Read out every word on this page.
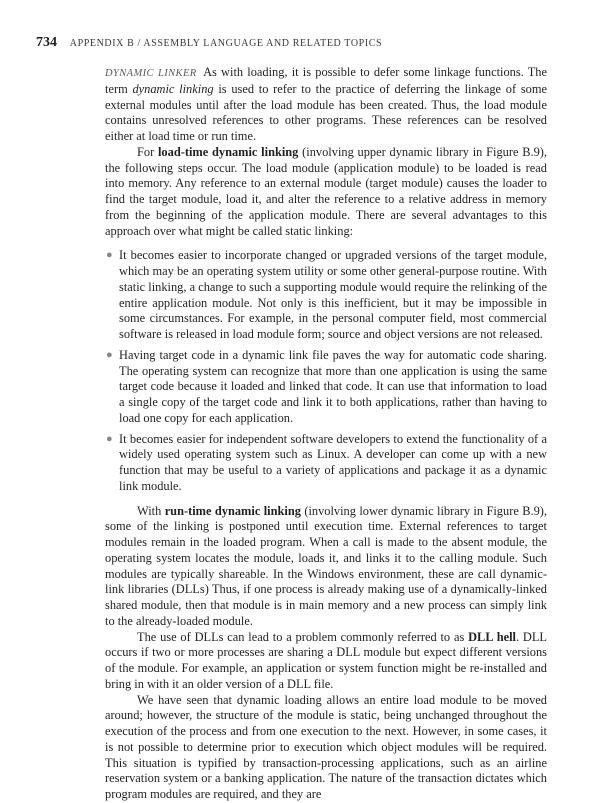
734 APPENDIX B / ASSEMBLY LANGUAGE AND RELATED TOPICS

DYNAMIC LINKER As with loading, it is possible to defer some linkage functions. The term dynamic linking is used to refer to the practice of deferring the linkage of some external modules until after the load module has been created. Thus, the load module contains unresolved references to other programs. These references can be resolved either at load time or run time.

For load-time dynamic linking (involving upper dynamic library in Figure B.9), the following steps occur. The load module (application module) to be loaded is read into memory. Any reference to an external module (target module) causes the loader to find the target module, load it, and alter the reference to a relative address in memory from the beginning of the application module. There are several advantages to this approach over what might be called static linking:

● It becomes easier to incorporate changed or upgraded versions of the target module, which may be an operating system utility or some other general-purpose routine. With static linking, a change to such a supporting module would require the relinking of the entire application module. Not only is this inefficient, but it may be impossible in some circumstances. For example, in the personal computer field, most commercial software is released in load module form; source and object versions are not released.
● Having target code in a dynamic link file paves the way for automatic code sharing. The operating system can recognize that more than one application is using the same target code because it loaded and linked that code. It can use that information to load a single copy of the target code and link it to both applications, rather than having to load one copy for each application.
● It becomes easier for independent software developers to extend the functionality of a widely used operating system such as Linux. A developer can come up with a new function that may be useful to a variety of applications and package it as a dynamic link module.

With run-time dynamic linking (involving lower dynamic library in Figure B.9), some of the linking is postponed until execution time. External references to target modules remain in the loaded program. When a call is made to the absent module, the operating system locates the module, loads it, and links it to the calling module. Such modules are typically shareable. In the Windows environment, these are call dynamic-link libraries (DLLs) Thus, if one process is already making use of a dynamically-linked shared module, then that module is in main memory and a new process can simply link to the already-loaded module.

The use of DLLs can lead to a problem commonly referred to as DLL hell. DLL occurs if two or more processes are sharing a DLL module but expect different versions of the module. For example, an application or system function might be re-installed and bring in with it an older version of a DLL file.

We have seen that dynamic loading allows an entire load module to be moved around; however, the structure of the module is static, being unchanged throughout the execution of the process and from one execution to the next. However, in some cases, it is not possible to determine prior to execution which object modules will be required. This situation is typified by transaction-processing applications, such as an airline reservation system or a banking application. The nature of the transaction dictates which program modules are required, and they are
